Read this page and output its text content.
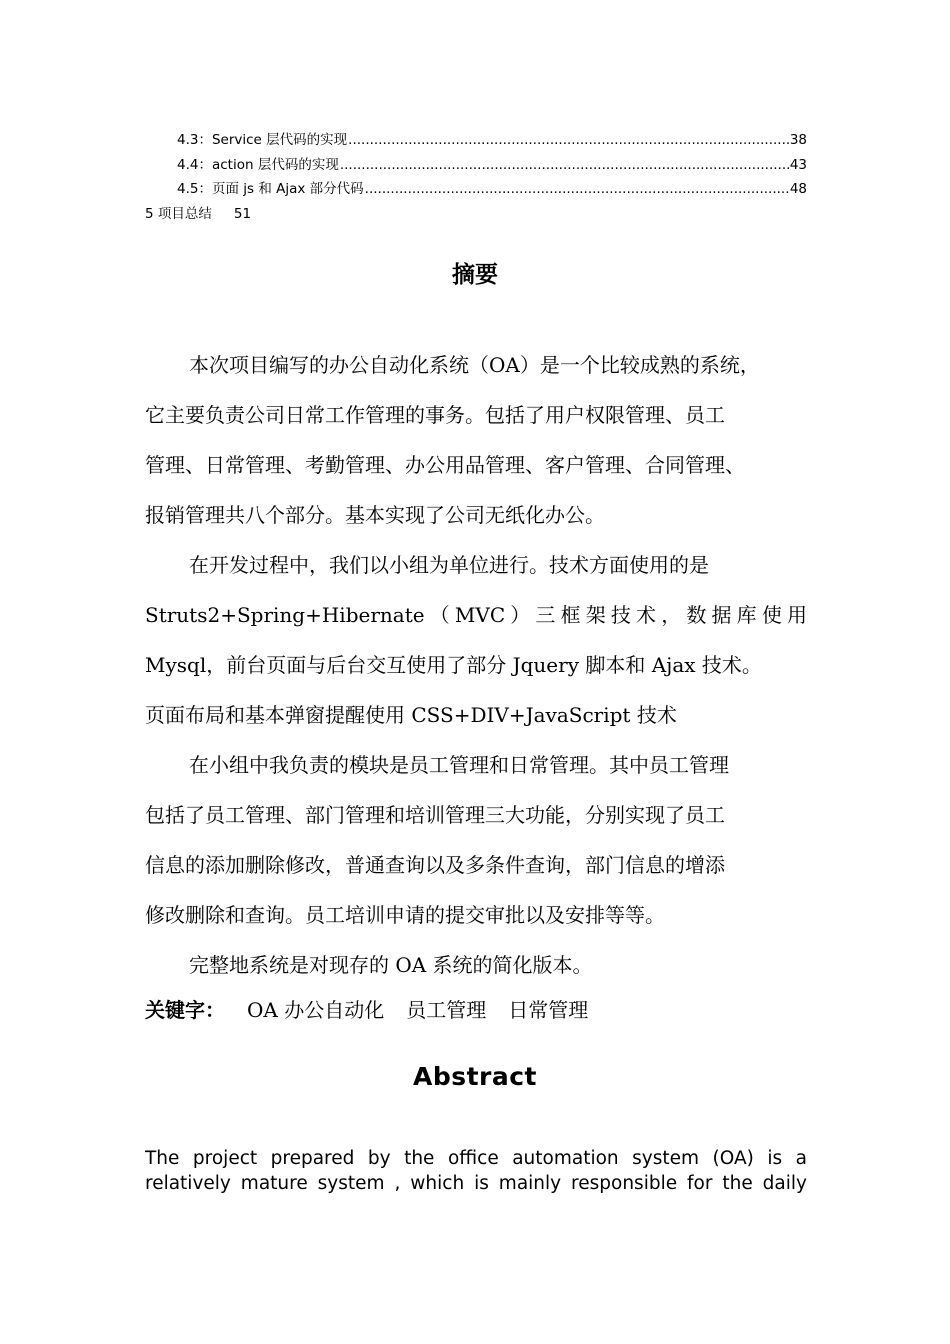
4.3：Service 层代码的实现 .....	38
4.4：action 层代码的实现 .....	43
4.5：页面 js 和 Ajax 部分代码 .....	48
5 项目总结 51
摘要
本次项目编写的办公自动化系统（OA）是一个比较成熟的系统，
它主要负责公司日常工作管理的事务。包括了用户权限管理、员工
管理、日常管理、考勤管理、办公用品管理、客户管理、合同管理、
报销管理共八个部分。基本实现了公司无纸化办公。
在开发过程中，我们以小组为单位进行。技术方面使用的是
Struts2+Spring+Hibernate（MVC）三框架技术，数据库使用
Mysql，前台页面与后台交互使用了部分 Jquery 脚本和 Ajax 技术。
页面布局和基本弹窗提醒使用 CSS+DIV+JavaScript 技术
在小组中我负责的模块是员工管理和日常管理。其中员工管理
包括了员工管理、部门管理和培训管理三大功能，分别实现了员工
信息的添加删除修改，普通查询以及多条件查询，部门信息的增添
修改删除和查询。员工培训申请的提交审批以及安排等等。
完整地系统是对现存的 OA 系统的简化版本。
关键字： OA 办公自动化 员工管理 日常管理
Abstract
The project prepared by the office automation system (OA) is a
relatively mature system , which is mainly responsible for the daily
